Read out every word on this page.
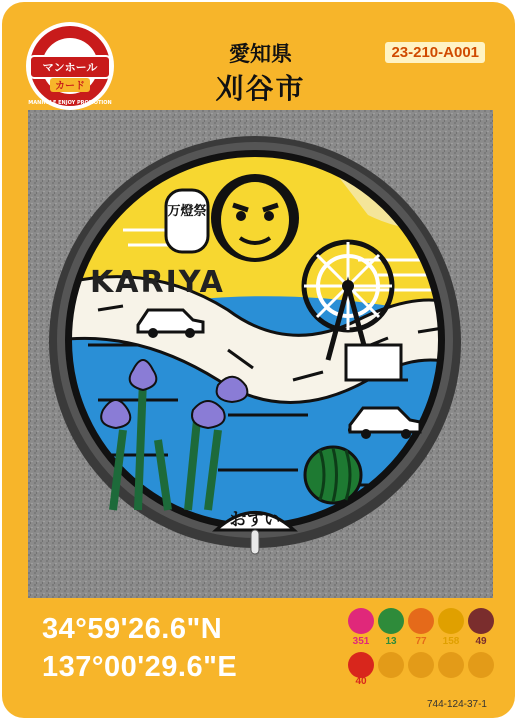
マンホール
カード
MANHOLE ENJOY PROMOTION
愛知県
刈谷市
23-210-A001
万燈祭
KARIYA
おすい
34°59'26.6"N
137°00'29.6"E
351	13	77	158	49
40
744-124-37-1
